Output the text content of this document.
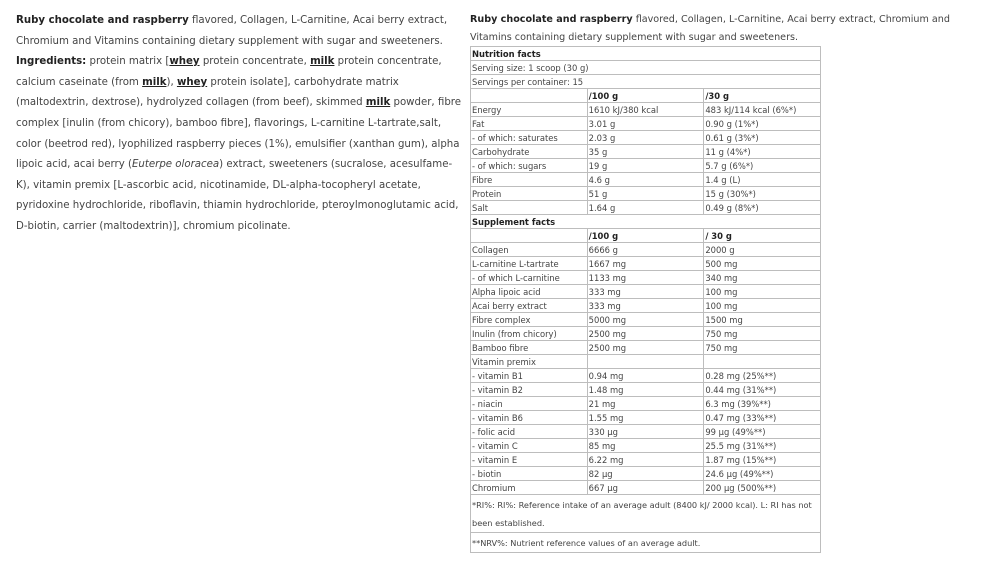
Ruby chocolate and raspberry flavored, Collagen, L-Carnitine, Acai berry extract, Chromium and Vitamins containing dietary supplement with sugar and sweeteners.
Ingredients: protein matrix [whey protein concentrate, milk protein concentrate, calcium caseinate (from milk), whey protein isolate], carbohydrate matrix (maltodextrin, dextrose), hydrolyzed collagen (from beef), skimmed milk powder, fibre complex [inulin (from chicory), bamboo fibre], flavorings, L-carnitine L-tartrate,salt, color (beetrod red), lyophilized raspberry pieces (1%), emulsifier (xanthan gum), alpha lipoic acid, acai berry (Euterpe oloracea) extract, sweeteners (sucralose, acesulfame-K), vitamin premix [L-ascorbic acid, nicotinamide, DL-alpha-tocopheryl acetate, pyridoxine hydrochloride, riboflavin, thiamin hydrochloride, pteroylmonoglutamic acid, D-biotin, carrier (maltodextrin)], chromium picolinate.

Ruby chocolate and raspberry flavored, Collagen, L-Carnitine, Acai berry extract, Chromium and Vitamins containing dietary supplement with sugar and sweeteners.
Nutrition facts		
Serving size: 1 scoop (30 g)		
Servings per container: 15		
	/100 g	/30 g
Energy	1610 kJ/380 kcal	483 kJ/114 kcal (6%*)
Fat	3.01 g	0.90 g (1%*)
- of which: saturates	2.03 g	0.61 g (3%*)
Carbohydrate	35 g	11 g (4%*)
- of which: sugars	19 g	5.7 g (6%*)
Fibre	4.6 g	1.4 g (L)
Protein	51 g	15 g (30%*)
Salt	1.64 g	0.49 g (8%*)
Supplement facts		
	/100 g	/ 30 g
Collagen	6666 g	2000 g
L-carnitine L-tartrate	1667 mg	500 mg
- of which L-carnitine	1133 mg	340 mg
Alpha lipoic acid	333 mg	100 mg
Acai berry extract	333 mg	100 mg
Fibre complex	5000 mg	1500 mg
Inulin (from chicory)	2500 mg	750 mg
Bamboo fibre	2500 mg	750 mg
Vitamin premix		
- vitamin B1	0.94 mg	0.28 mg (25%**)
- vitamin B2	1.48 mg	0.44 mg (31%**)
- niacin	21 mg	6.3 mg (39%**)
- vitamin B6	1.55 mg	0.47 mg (33%**)
- folic acid	330 µg	99 µg (49%**)
- vitamin C	85 mg	25.5 mg (31%**)
- vitamin E	6.22 mg	1.87 mg (15%**)
- biotin	82 µg	24.6 µg (49%**)
Chromium	667 µg	200 µg (500%**)
*RI%: RI%: Reference intake of an average adult (8400 kJ/ 2000 kcal). L: RI has not been established.		
**NRV%: Nutrient reference values of an average adult.		
